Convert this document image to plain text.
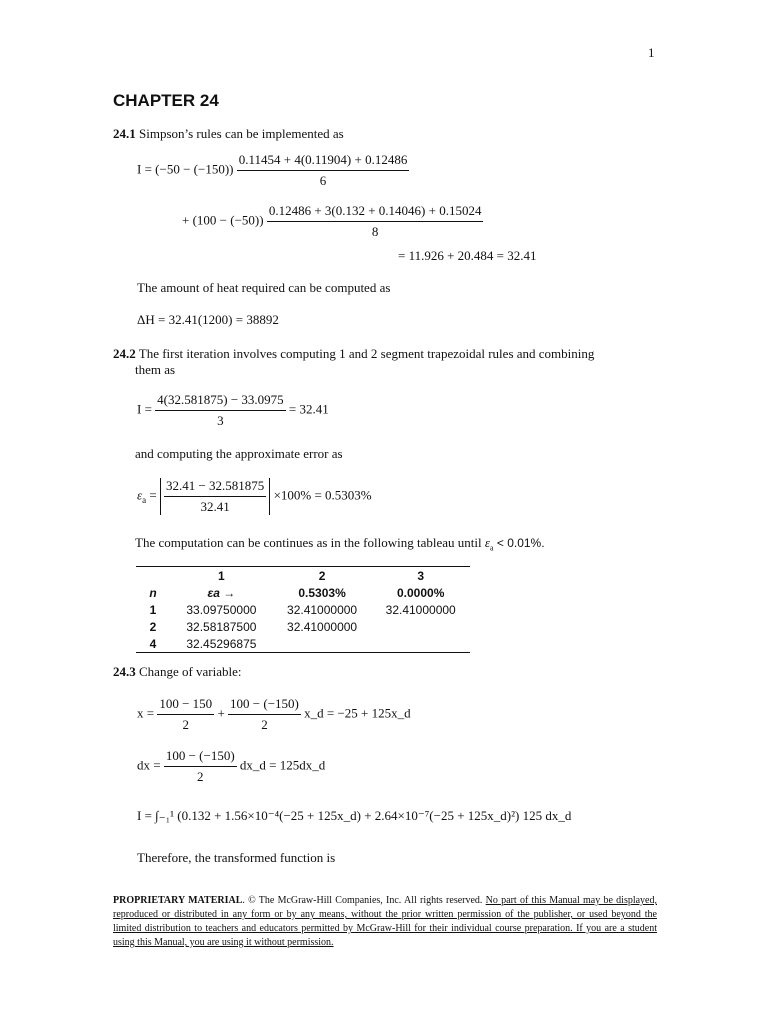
1
CHAPTER 24
24.1 Simpson’s rules can be implemented as
$I = (-50 - (-150)) \frac{0.11454 + 4(0.11904) + 0.12486}{6}$
+ $(100 - (-50)) \frac{0.12486 + 3(0.132 + 0.14046) + 0.15024}{8}$
= 11.926 + 20.484 = 32.41
The amount of heat required can be computed as
ΔH = 32.41(1200) = 38892
24.2 The first iteration involves computing 1 and 2 segment trapezoidal rules and combining
them as
$I = \frac{4(32.581875) - 33.0975}{3} = 32.41$
and computing the approximate error as
$\varepsilon_a = \frac{32.41 - 32.581875}{32.41} \times 100\% = 0.5303\%$
The computation can be continues as in the following tableau until $\varepsilon_a < 0.01\%$.
	1	2	3
n	εa →	0.5303%	0.0000%
1	33.09750000	32.41000000	32.41000000
2	32.58187500	32.41000000	
4	32.45296875		
24.3 Change of variable:
$x = \frac{100 - 150}{2} + \frac{100 - (-150)}{2}$ x_d = −25 + 125x_d
dx = $\frac{100 - (-150)}{2}$ dx_d = 125dx_d
I = ∫₋₁¹ (0.132 + 1.56×10⁻⁴(−25 + 125x_d) + 2.64×10⁻⁷(−25 + 125x_d)²) 125 dx_d
Therefore, the transformed function is
PROPRIETARY MATERIAL. © The McGraw-Hill Companies, Inc. All rights reserved. No part of this Manual may be displayed, reproduced or distributed in any form or by any means, without the prior written permission of the publisher, or used beyond the limited distribution to teachers and educators permitted by McGraw-Hill for their individual course preparation. If you are a student using this Manual, you are using it without permission.
